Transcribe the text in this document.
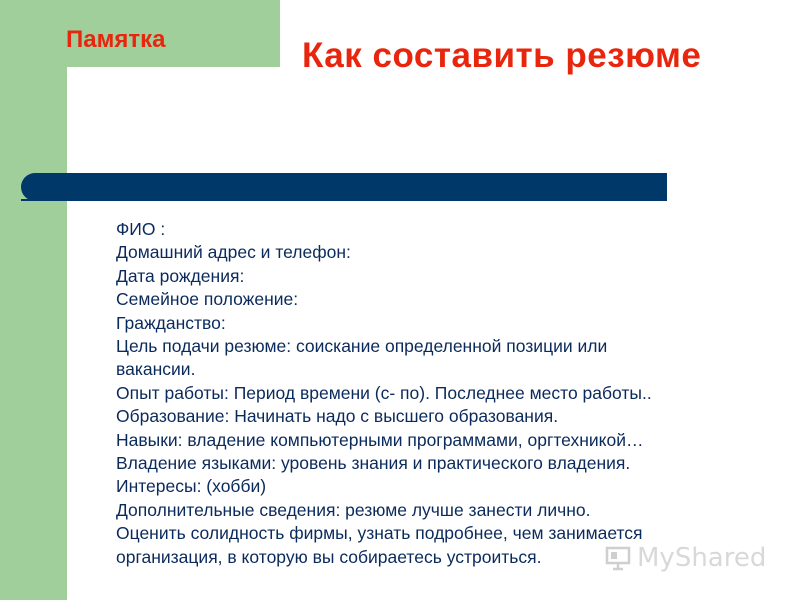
Памятка	Как составить резюме
ФИО :
Домашний адрес и телефон:
Дата рождения:
Семейное положение:
Гражданство:
Цель подачи резюме: соискание определенной позиции или
вакансии.
Опыт работы: Период времени (с- по). Последнее место работы..
Образование: Начинать надо с высшего образования.
Навыки: владение компьютерными программами, оргтехникой…
Владение языками: уровень знания и практического владения.
Интересы: (хобби)
Дополнительные сведения: резюме лучше занести лично.
Оценить солидность фирмы, узнать подробнее, чем занимается
организация, в которую вы собираетесь устроиться.	MyShared
